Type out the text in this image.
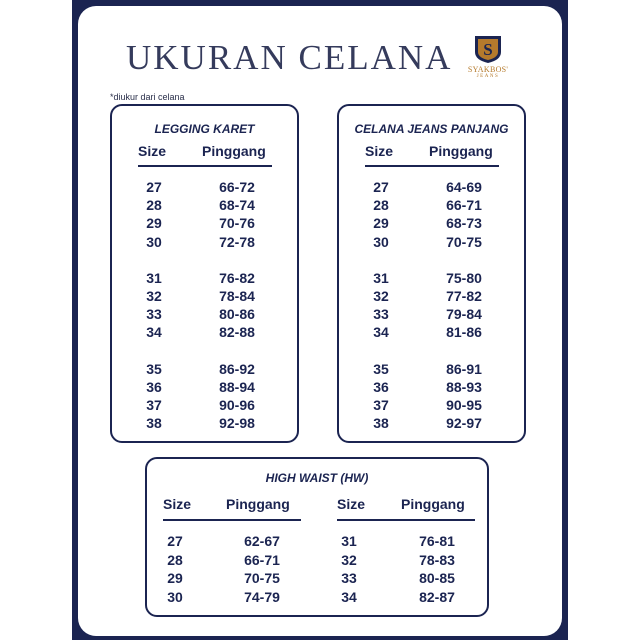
UKURAN CELANA S
SYAKBOS'
JEANS
*diukur dari celana
LEGGING KARET
Size	Pinggang
27	66-72
28	68-74
29	70-76
30	72-78
31	76-82
32	78-84
33	80-86
34	82-88
35	86-92
36	88-94
37	90-96
38	92-98
CELANA JEANS PANJANG
Size	Pinggang
27	64-69
28	66-71
29	68-73
30	70-75
31	75-80
32	77-82
33	79-84
34	81-86
35	86-91
36	88-93
37	90-95
38	92-97
HIGH WAIST (HW)
Size Pinggang	Size	Pinggang
27	62-67
28	66-71
29	70-75
30	74-79
31	76-81
32	78-83
33	80-85
34	82-87
